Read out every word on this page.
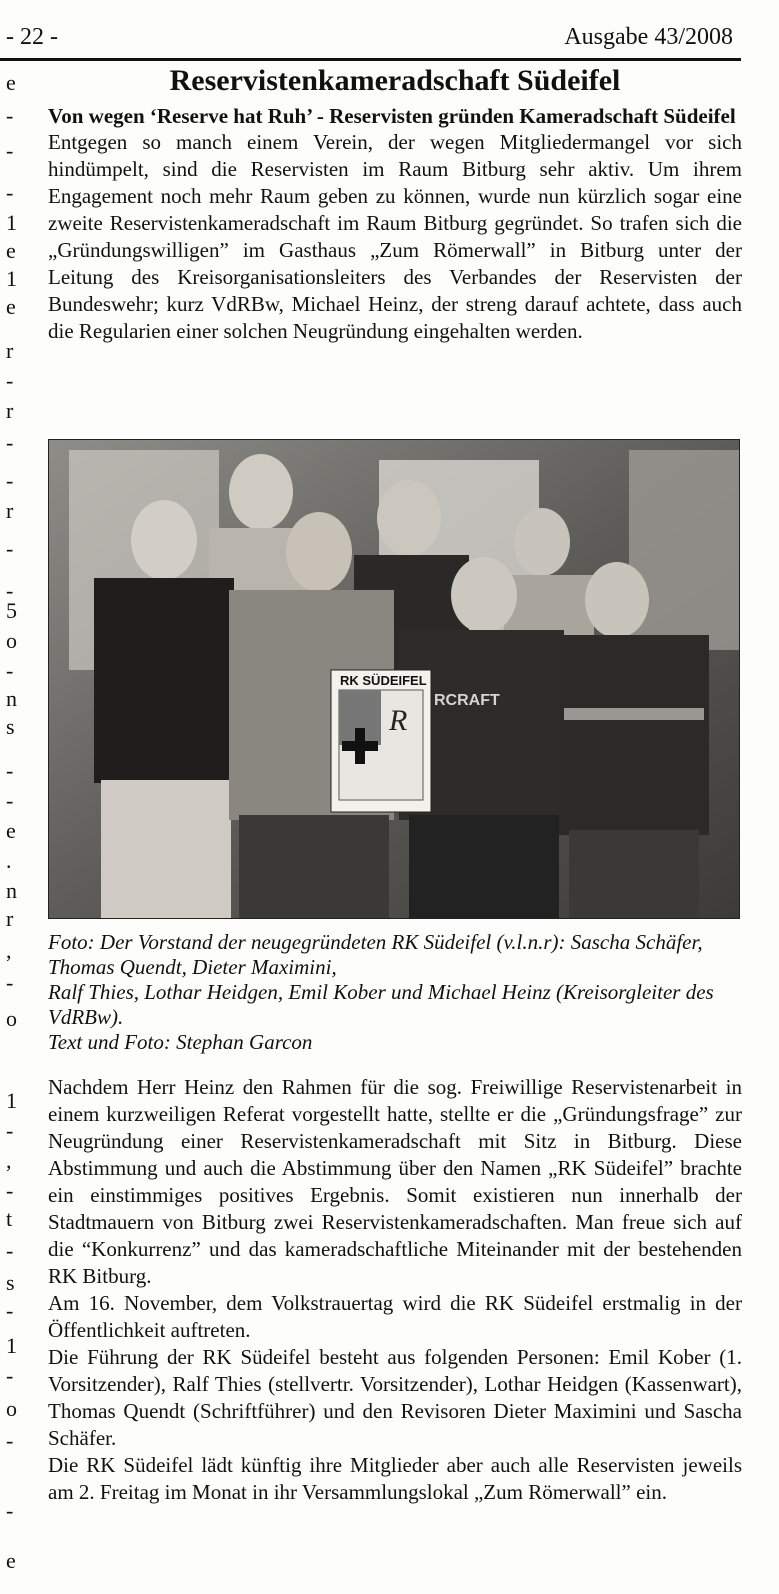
- 22 -	Ausgabe 43/2008
e
-
-
-
1
e
1
e
r
-
r
-
-
r
-
-
5
o
-
n
s
-
-
e
.
n
r
,
-
o
1
-
,
-
t
-
s
-
1
-
o
-
-
e
Reservistenkameradschaft Südeifel
Von wegen ‘Reserve hat Ruh’ - Reservisten gründen Kameradschaft Südeifel

Entgegen so manch einem Verein, der wegen Mitgliedermangel vor sich hindümpelt, sind die Reservisten im Raum Bitburg sehr aktiv. Um ihrem Engagement noch mehr Raum geben zu können, wurde nun kürzlich sogar eine zweite Reservistenkameradschaft im Raum Bitburg gegründet. So trafen sich die „Gründungswilligen” im Gasthaus „Zum Römerwall” in Bitburg unter der Leitung des Kreisorganisationsleiters des Verbandes der Reservisten der Bundeswehr; kurz VdRBw, Michael Heinz, der streng darauf achtete, dass auch die Regularien einer solchen Neugründung eingehalten werden.

RK SÜDEIFEL
R
RCRAFT

Foto: Der Vorstand der neugegründeten RK Südeifel (v.l.n.r): Sascha Schäfer, Thomas Quendt, Dieter Maximini,

Ralf Thies, Lothar Heidgen, Emil Kober und Michael Heinz (Kreisorgleiter des VdRBw).

Text und Foto: Stephan Garcon

Nachdem Herr Heinz den Rahmen für die sog. Freiwillige Reservistenarbeit in einem kurzweiligen Referat vorgestellt hatte, stellte er die „Gründungsfrage” zur Neugründung einer Reservistenkameradschaft mit Sitz in Bitburg. Diese Abstimmung und auch die Abstimmung über den Namen „RK Südeifel” brachte ein einstimmiges positives Ergebnis. Somit existieren nun innerhalb der Stadtmauern von Bitburg zwei Reservistenkameradschaften. Man freue sich auf die “Konkurrenz” und das kameradschaftliche Miteinander mit der bestehenden RK Bitburg.

Am 16. November, dem Volkstrauertag wird die RK Südeifel erstmalig in der Öffentlichkeit auftreten.

Die Führung der RK Südeifel besteht aus folgenden Personen: Emil Kober (1. Vorsitzender), Ralf Thies (stellvertr. Vorsitzender), Lothar Heidgen (Kassenwart), Thomas Quendt (Schriftführer) und den Revisoren Dieter Maximini und Sascha Schäfer.

Die RK Südeifel lädt künftig ihre Mitglieder aber auch alle Reservisten jeweils am 2. Freitag im Monat in ihr Versammlungslokal „Zum Römerwall” ein.
